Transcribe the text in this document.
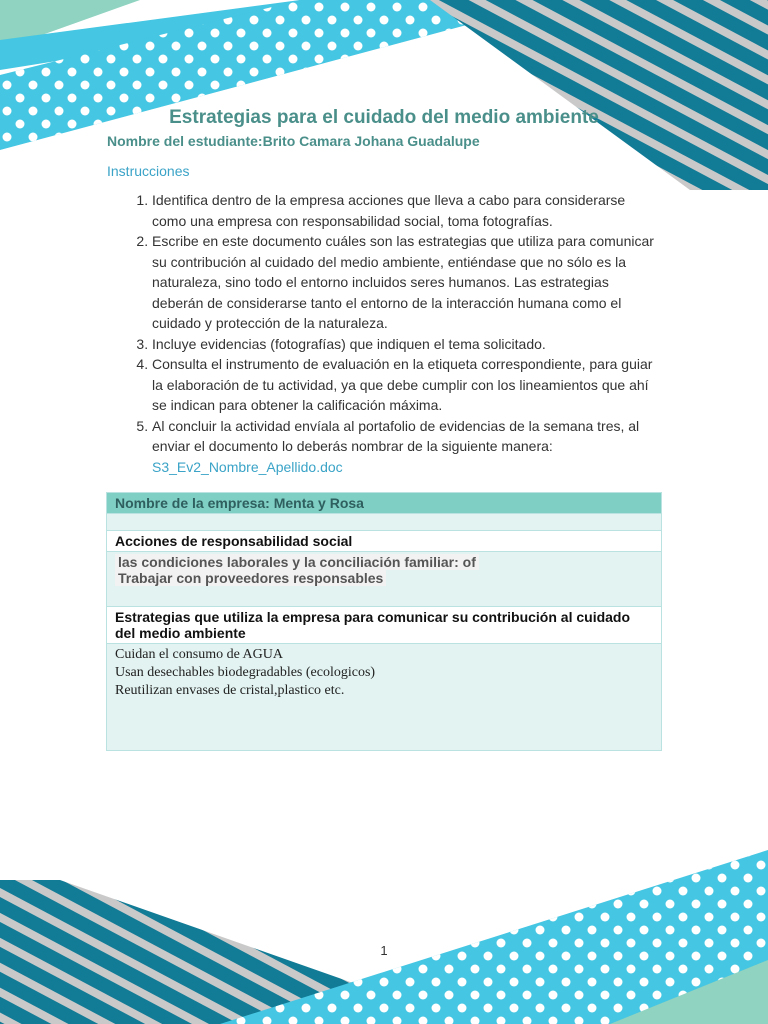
Estrategias para el cuidado del medio ambiente
Nombre del estudiante:Brito Camara Johana Guadalupe
Instrucciones
1. Identifica dentro de la empresa acciones que lleva a cabo para considerarse como una empresa con responsabilidad social, toma fotografías.
2. Escribe en este documento cuáles son las estrategias que utiliza para comunicar su contribución al cuidado del medio ambiente, entiéndase que no sólo es la naturaleza, sino todo el entorno incluidos seres humanos. Las estrategias deberán de considerarse tanto el entorno de la interacción humana como el cuidado y protección de la naturaleza.
3. Incluye evidencias (fotografías) que indiquen el tema solicitado.
4. Consulta el instrumento de evaluación en la etiqueta correspondiente, para guiar la elaboración de tu actividad, ya que debe cumplir con los lineamientos que ahí se indican para obtener la calificación máxima.
5. Al concluir la actividad envíala al portafolio de evidencias de la semana tres, al enviar el documento lo deberás nombrar de la siguiente manera:
S3_Ev2_Nombre_Apellido.doc
Nombre de la empresa: Menta y Rosa

Acciones de responsabilidad social
las condiciones laborales y la conciliación familiar: of
Trabajar con proveedores responsables
Estrategias que utiliza la empresa para comunicar su contribución al cuidado del medio ambiente

Cuidan el consumo de AGUA
Usan desechables biodegradables (ecologicos)
Reutilizan envases de cristal,plastico etc.
1
